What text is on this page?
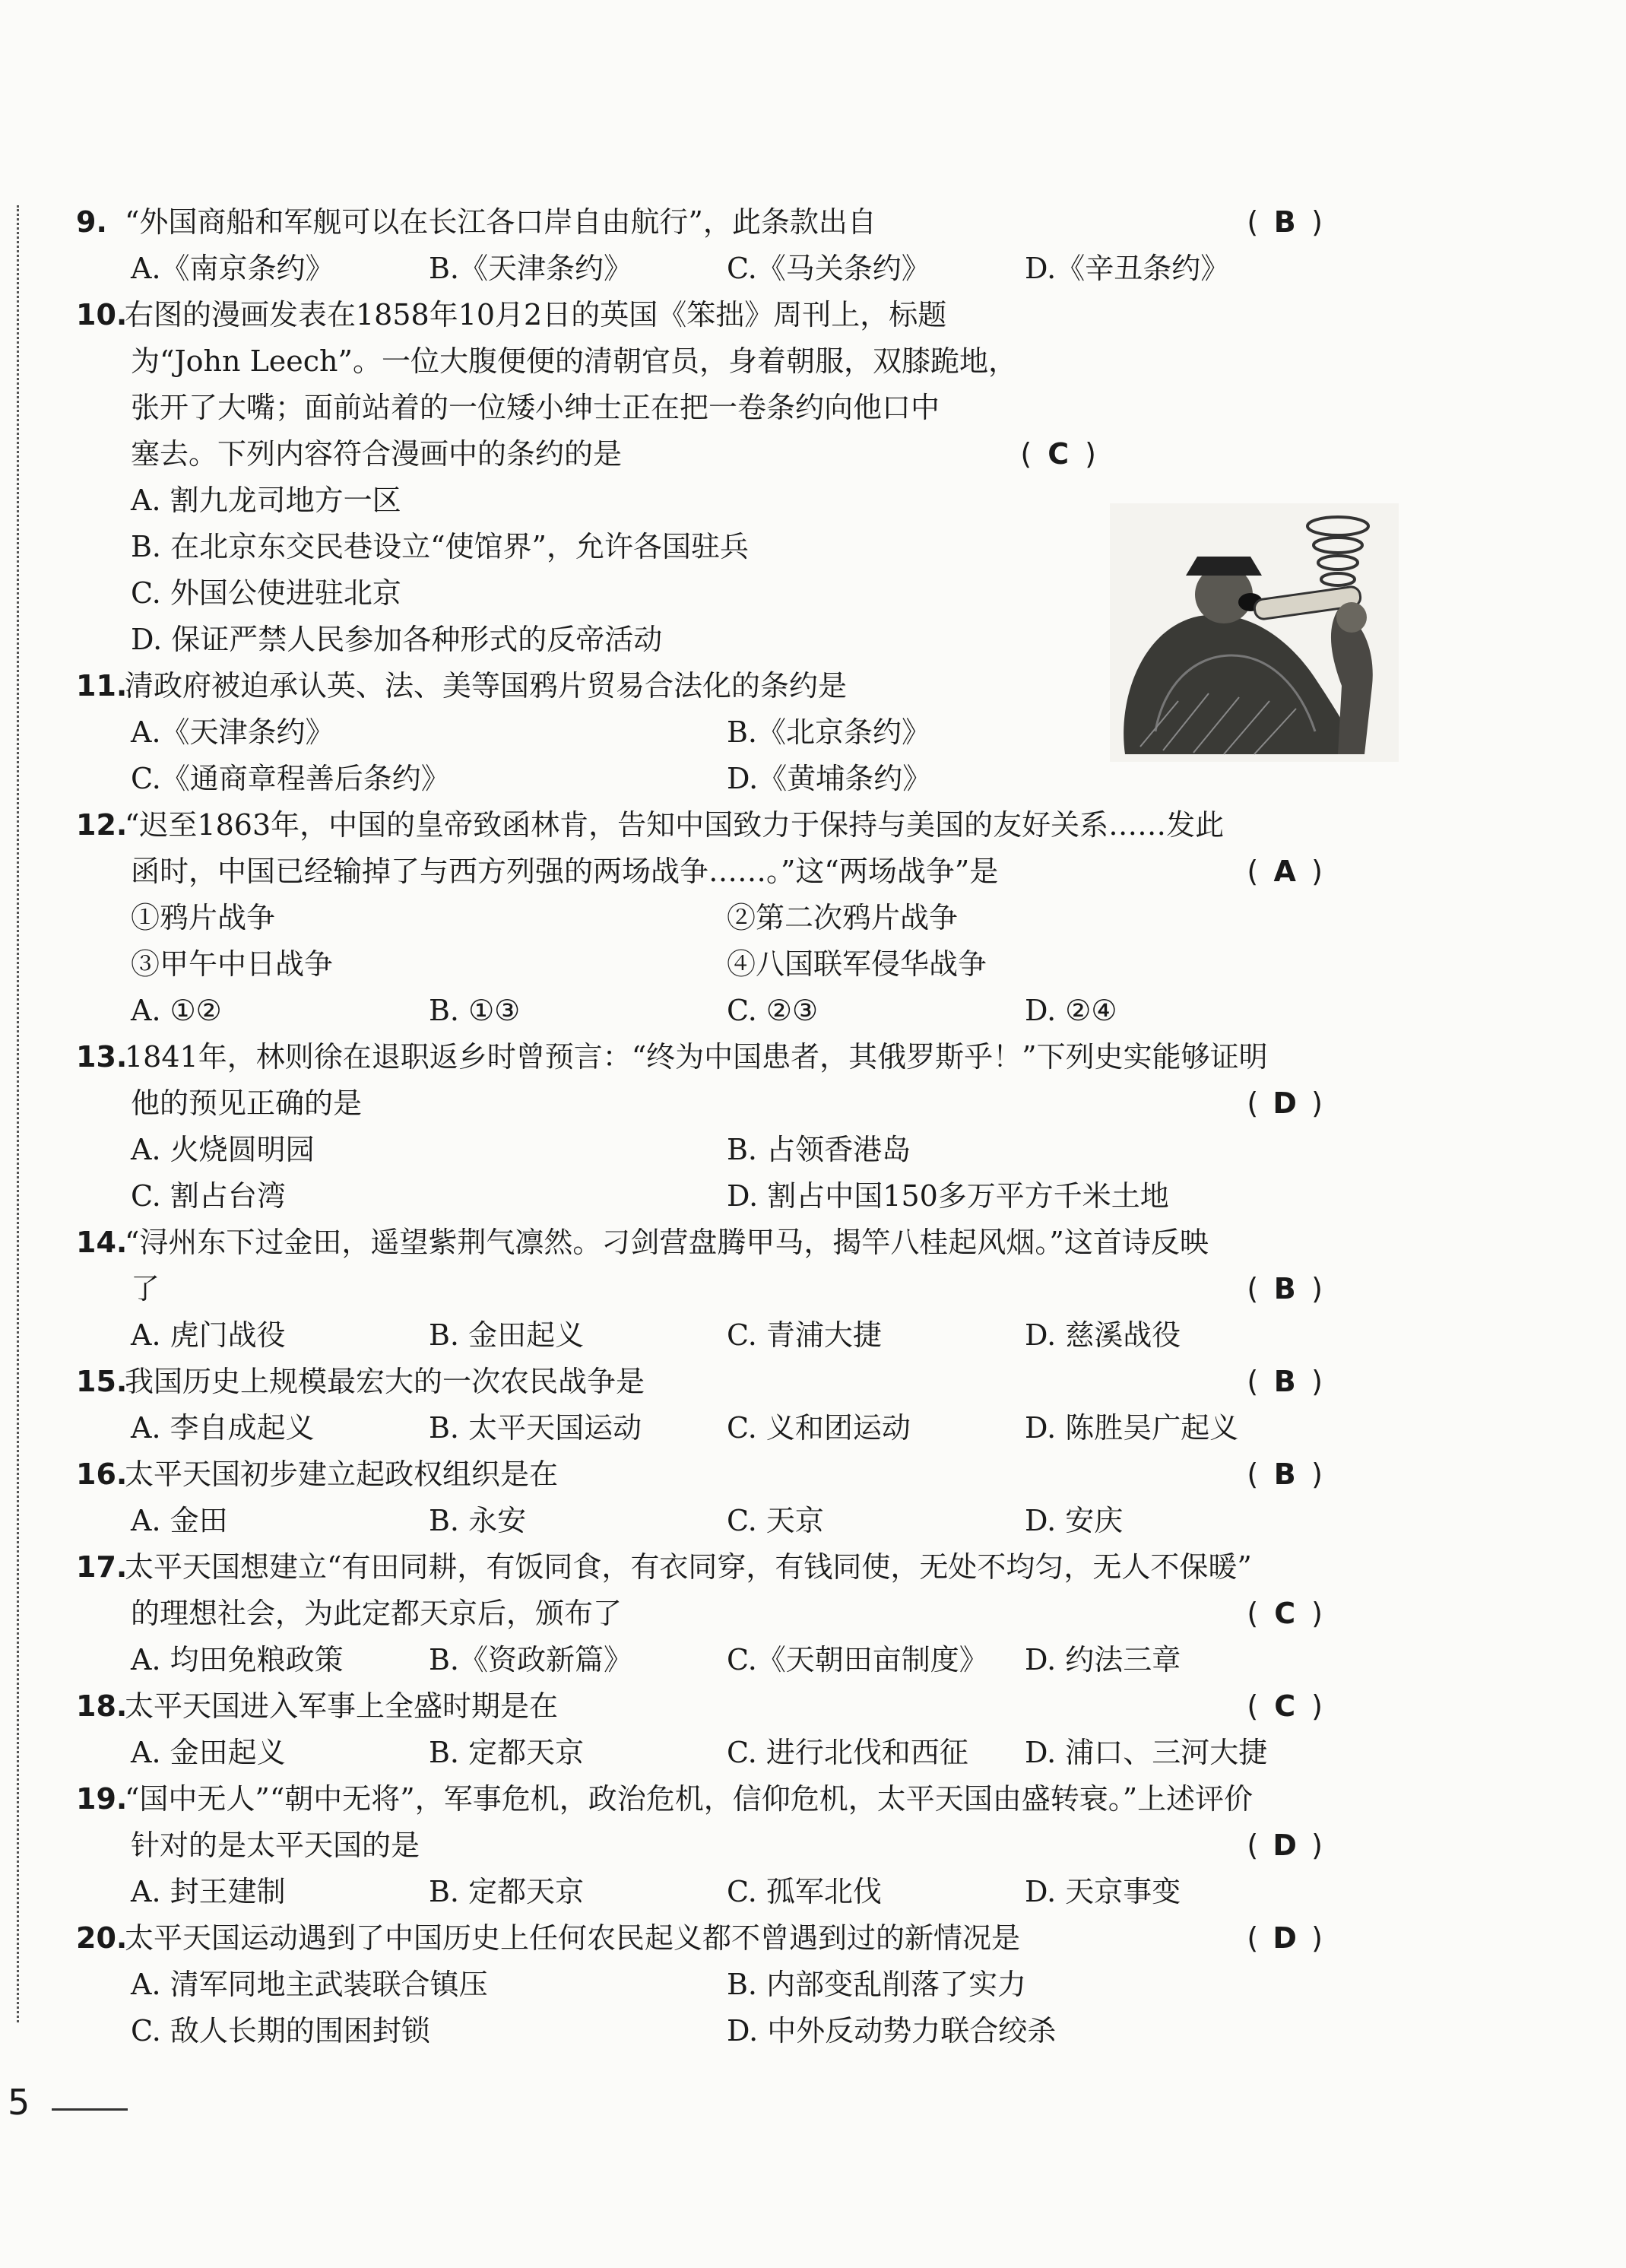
9. “外国商船和军舰可以在长江各口岸自由航行”，此条款出自	( B )
A.《南京条约》	B.《天津条约》	C.《马关条约》	D.《辛丑条约》
10.右图的漫画发表在1858年10月2日的英国《笨拙》周刊上，标题
为“John Leech”。一位大腹便便的清朝官员，身着朝服，双膝跪地，
张开了大嘴；面前站着的一位矮小绅士正在把一卷条约向他口中
塞去。下列内容符合漫画中的条约的是	( C )
A. 割九龙司地方一区
B. 在北京东交民巷设立“使馆界”，允许各国驻兵
C. 外国公使进驻北京
D. 保证严禁人民参加各种形式的反帝活动
11.清政府被迫承认英、法、美等国鸦片贸易合法化的条约是
A.《天津条约》	B.《北京条约》
C.《通商章程善后条约》	D.《黄埔条约》
12.“迟至1863年，中国的皇帝致函林肯，告知中国致力于保持与美国的友好关系……发此
函时，中国已经输掉了与西方列强的两场战争……。”这“两场战争”是	( A )
①鸦片战争	②第二次鸦片战争
③甲午中日战争	④八国联军侵华战争
A. ①②	B. ①③	C. ②③	D. ②④
13.1841年，林则徐在退职返乡时曾预言：“终为中国患者，其俄罗斯乎！”下列史实能够证明
他的预见正确的是	( D )
A. 火烧圆明园	B. 占领香港岛
C. 割占台湾	D. 割占中国150多万平方千米土地
14.“浔州东下过金田，遥望紫荆气凛然。刁剑营盘腾甲马，揭竿八桂起风烟。”这首诗反映
了	( B )
A. 虎门战役	B. 金田起义	C. 青浦大捷	D. 慈溪战役
15.我国历史上规模最宏大的一次农民战争是	( B )
A. 李自成起义	B. 太平天国运动	C. 义和团运动	D. 陈胜吴广起义
16.太平天国初步建立起政权组织是在	( B )
A. 金田	B. 永安	C. 天京	D. 安庆
17.太平天国想建立“有田同耕，有饭同食，有衣同穿，有钱同使，无处不均匀，无人不保暖”
的理想社会，为此定都天京后，颁布了	( C )
A. 均田免粮政策	B.《资政新篇》	C.《天朝田亩制度》	D. 约法三章
18.太平天国进入军事上全盛时期是在	( C )
A. 金田起义	B. 定都天京	C. 进行北伐和西征	D. 浦口、三河大捷
19.“国中无人”“朝中无将”，军事危机，政治危机，信仰危机，太平天国由盛转衰。”上述评价
针对的是太平天国的是	( D )
A. 封王建制	B. 定都天京	C. 孤军北伐	D. 天京事变
20.太平天国运动遇到了中国历史上任何农民起义都不曾遇到过的新情况是	( D )
A. 清军同地主武装联合镇压	B. 内部变乱削落了实力
C. 敌人长期的围困封锁	D. 中外反动势力联合绞杀
5
